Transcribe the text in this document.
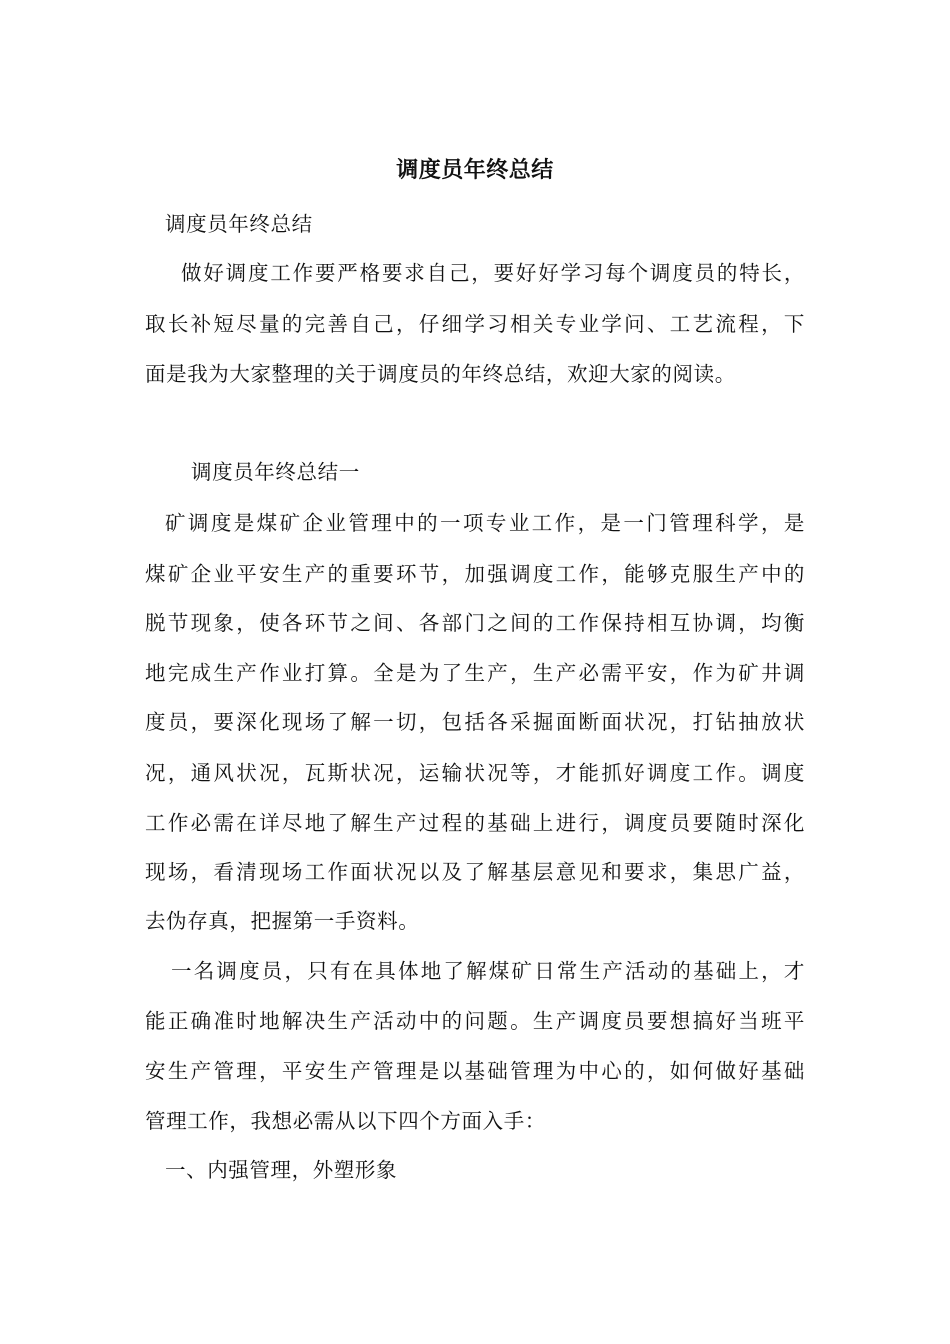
调度员年终总结
调度员年终总结
做好调度工作要严格要求自己，要好好学习每个调度员的特长，
取长补短尽量的完善自己，仔细学习相关专业学问、工艺流程，下
面是我为大家整理的关于调度员的年终总结，欢迎大家的阅读。
调度员年终总结一
矿调度是煤矿企业管理中的一项专业工作，是一门管理科学，是
煤矿企业平安生产的重要环节，加强调度工作，能够克服生产中的
脱节现象，使各环节之间、各部门之间的工作保持相互协调，均衡
地完成生产作业打算。全是为了生产，生产必需平安，作为矿井调
度员，要深化现场了解一切，包括各采掘面断面状况，打钻抽放状
况，通风状况，瓦斯状况，运输状况等，才能抓好调度工作。调度
工作必需在详尽地了解生产过程的基础上进行，调度员要随时深化
现场，看清现场工作面状况以及了解基层意见和要求，集思广益，
去伪存真，把握第一手资料。
一名调度员，只有在具体地了解煤矿日常生产活动的基础上，才
能正确准时地解决生产活动中的问题。生产调度员要想搞好当班平
安生产管理，平安生产管理是以基础管理为中心的，如何做好基础
管理工作，我想必需从以下四个方面入手：
一、内强管理，外塑形象
